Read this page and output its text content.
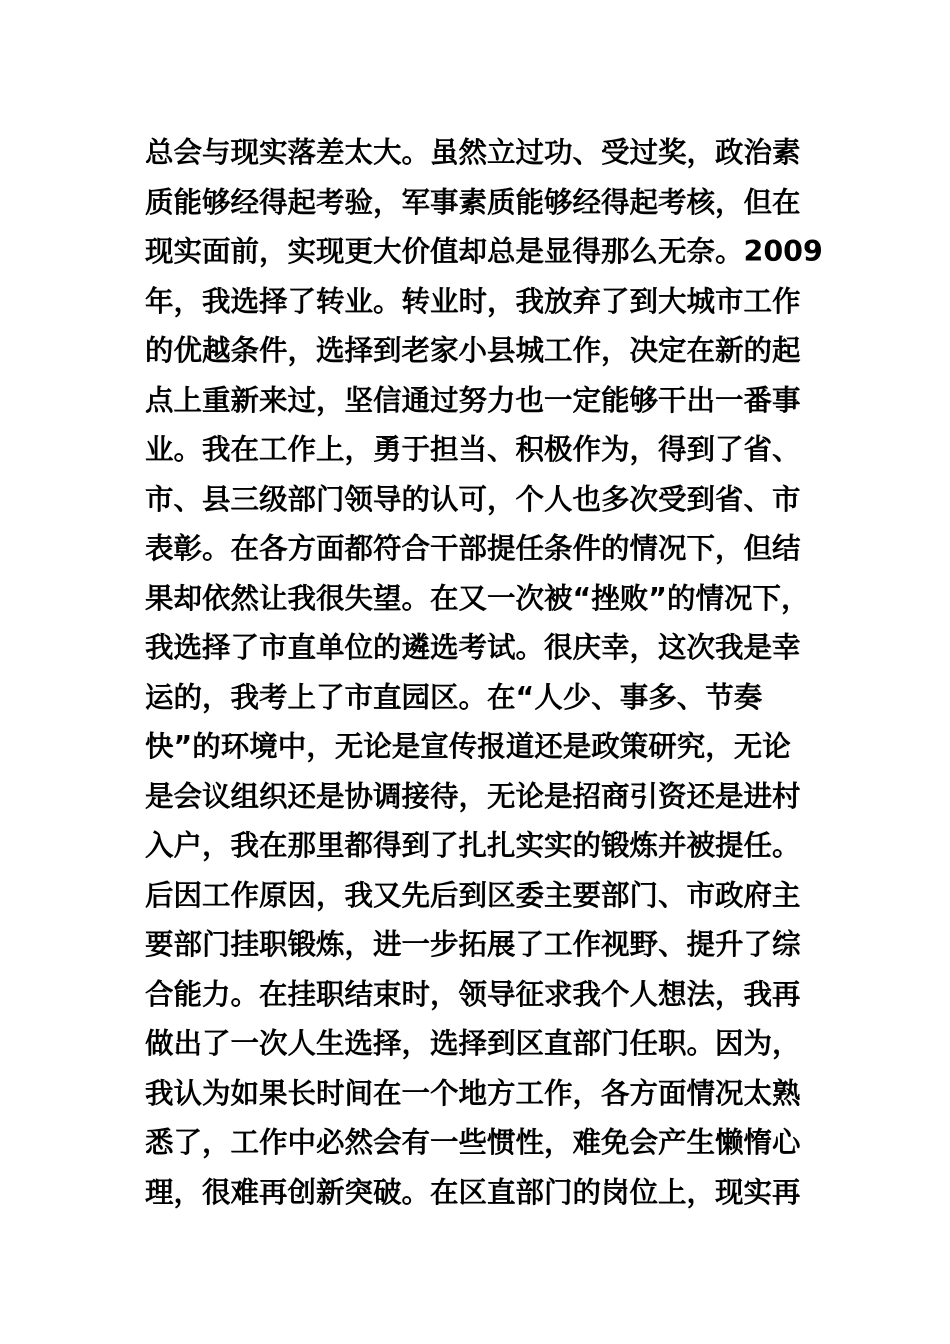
总会与现实落差太大。虽然立过功、受过奖，政治素
质能够经得起考验，军事素质能够经得起考核，但在
现实面前，实现更大价值却总是显得那么无奈。2009
年，我选择了转业。转业时，我放弃了到大城市工作
的优越条件，选择到老家小县城工作，决定在新的起
点上重新来过，坚信通过努力也一定能够干出一番事
业。我在工作上，勇于担当、积极作为，得到了省、
市、县三级部门领导的认可，个人也多次受到省、市
表彰。在各方面都符合干部提任条件的情况下，但结
果却依然让我很失望。在又一次被“挫败”的情况下，
我选择了市直单位的遴选考试。很庆幸，这次我是幸
运的，我考上了市直园区。在“人少、事多、节奏
快”的环境中，无论是宣传报道还是政策研究，无论
是会议组织还是协调接待，无论是招商引资还是进村
入户，我在那里都得到了扎扎实实的锻炼并被提任。
后因工作原因，我又先后到区委主要部门、市政府主
要部门挂职锻炼，进一步拓展了工作视野、提升了综
合能力。在挂职结束时，领导征求我个人想法，我再
做出了一次人生选择，选择到区直部门任职。因为，
我认为如果长时间在一个地方工作，各方面情况太熟
悉了，工作中必然会有一些惯性，难免会产生懒惰心
理，很难再创新突破。在区直部门的岗位上，现实再
